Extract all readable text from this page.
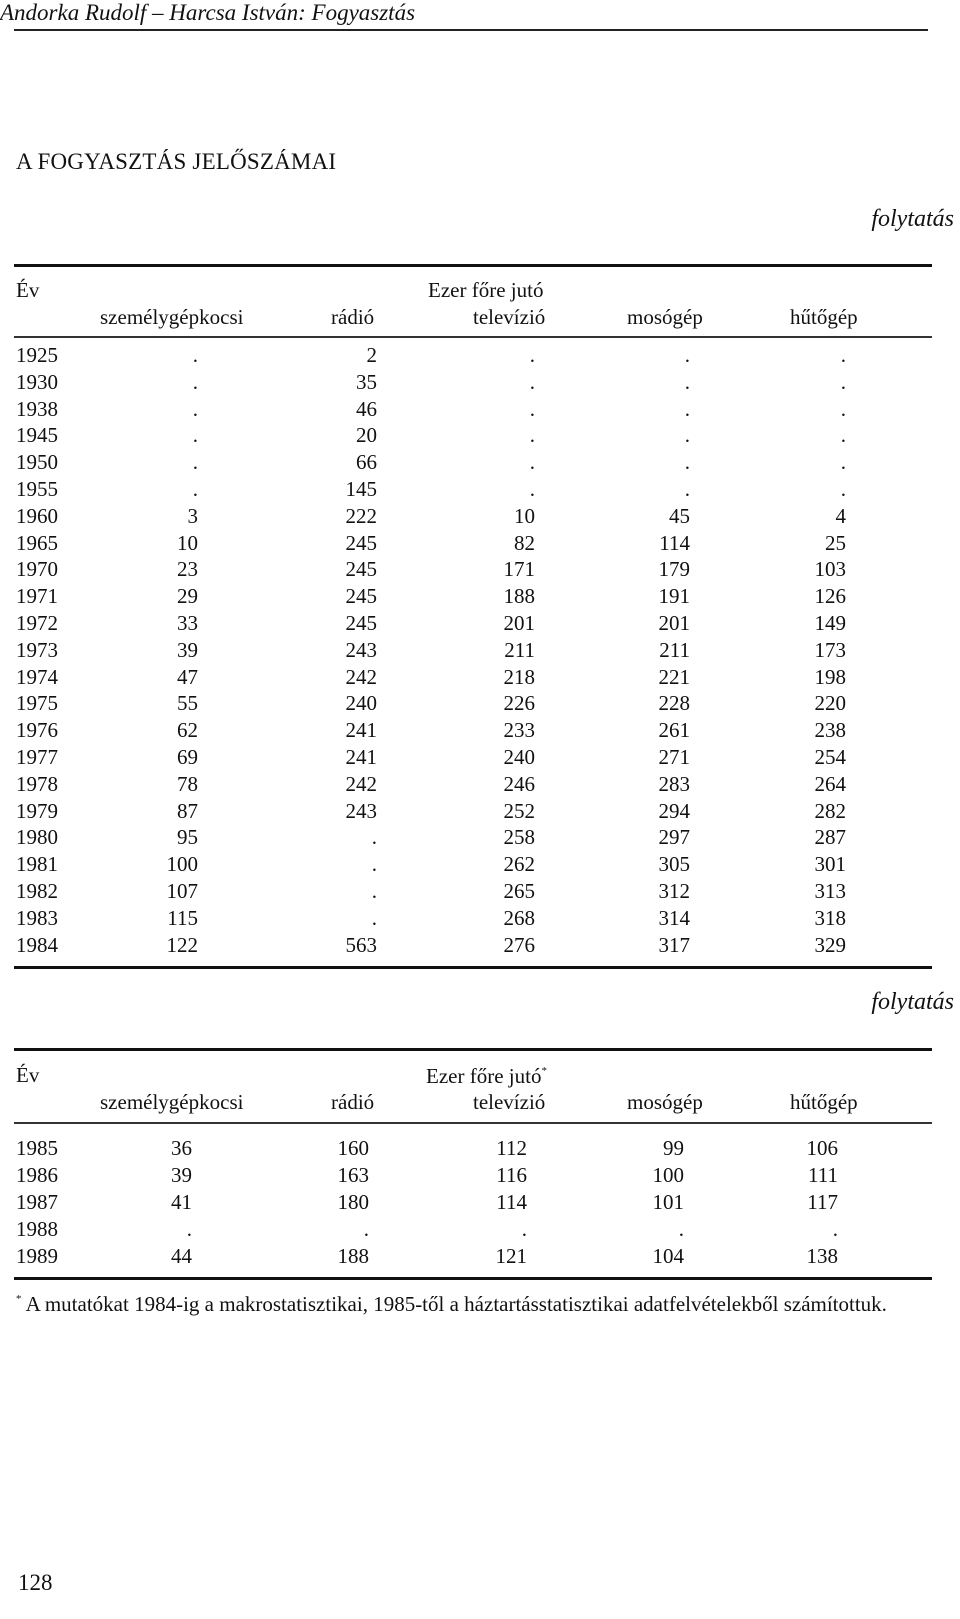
Andorka Rudolf – Harcsa István: Fogyasztás
A FOGYASZTÁS JELŐSZÁMAI
folytatás
Év	Ezer főre jutó
személygépkocsi	rádió	televízió	mosógép	hűtőgép
1925	.	2	.	.	.
1930	.	35	.	.	.
1938	.	46	.	.	.
1945	.	20	.	.	.
1950	.	66	.	.	.
1955	.	145	.	.	.
1960	3	222	10	45	4
1965	10	245	82	114	25
1970	23	245	171	179	103
1971	29	245	188	191	126
1972	33	245	201	201	149
1973	39	243	211	211	173
1974	47	242	218	221	198
1975	55	240	226	228	220
1976	62	241	233	261	238
1977	69	241	240	271	254
1978	78	242	246	283	264
1979	87	243	252	294	282
1980	95	.	258	297	287
1981	100	.	262	305	301
1982	107	.	265	312	313
1983	115	.	268	314	318
1984	122	563	276	317	329
folytatás
Év	Ezer főre jutó*
személygépkocsi	rádió	televízió	mosógép	hűtőgép
1985	36	160	112	99	106
1986	39	163	116	100	111
1987	41	180	114	101	117
1988	.	.	.	.	.
1989	44	188	121	104	138
* A mutatókat 1984-ig a makrostatisztikai, 1985-től a háztartásstatisztikai adatfelvételekből számítottuk.
128
